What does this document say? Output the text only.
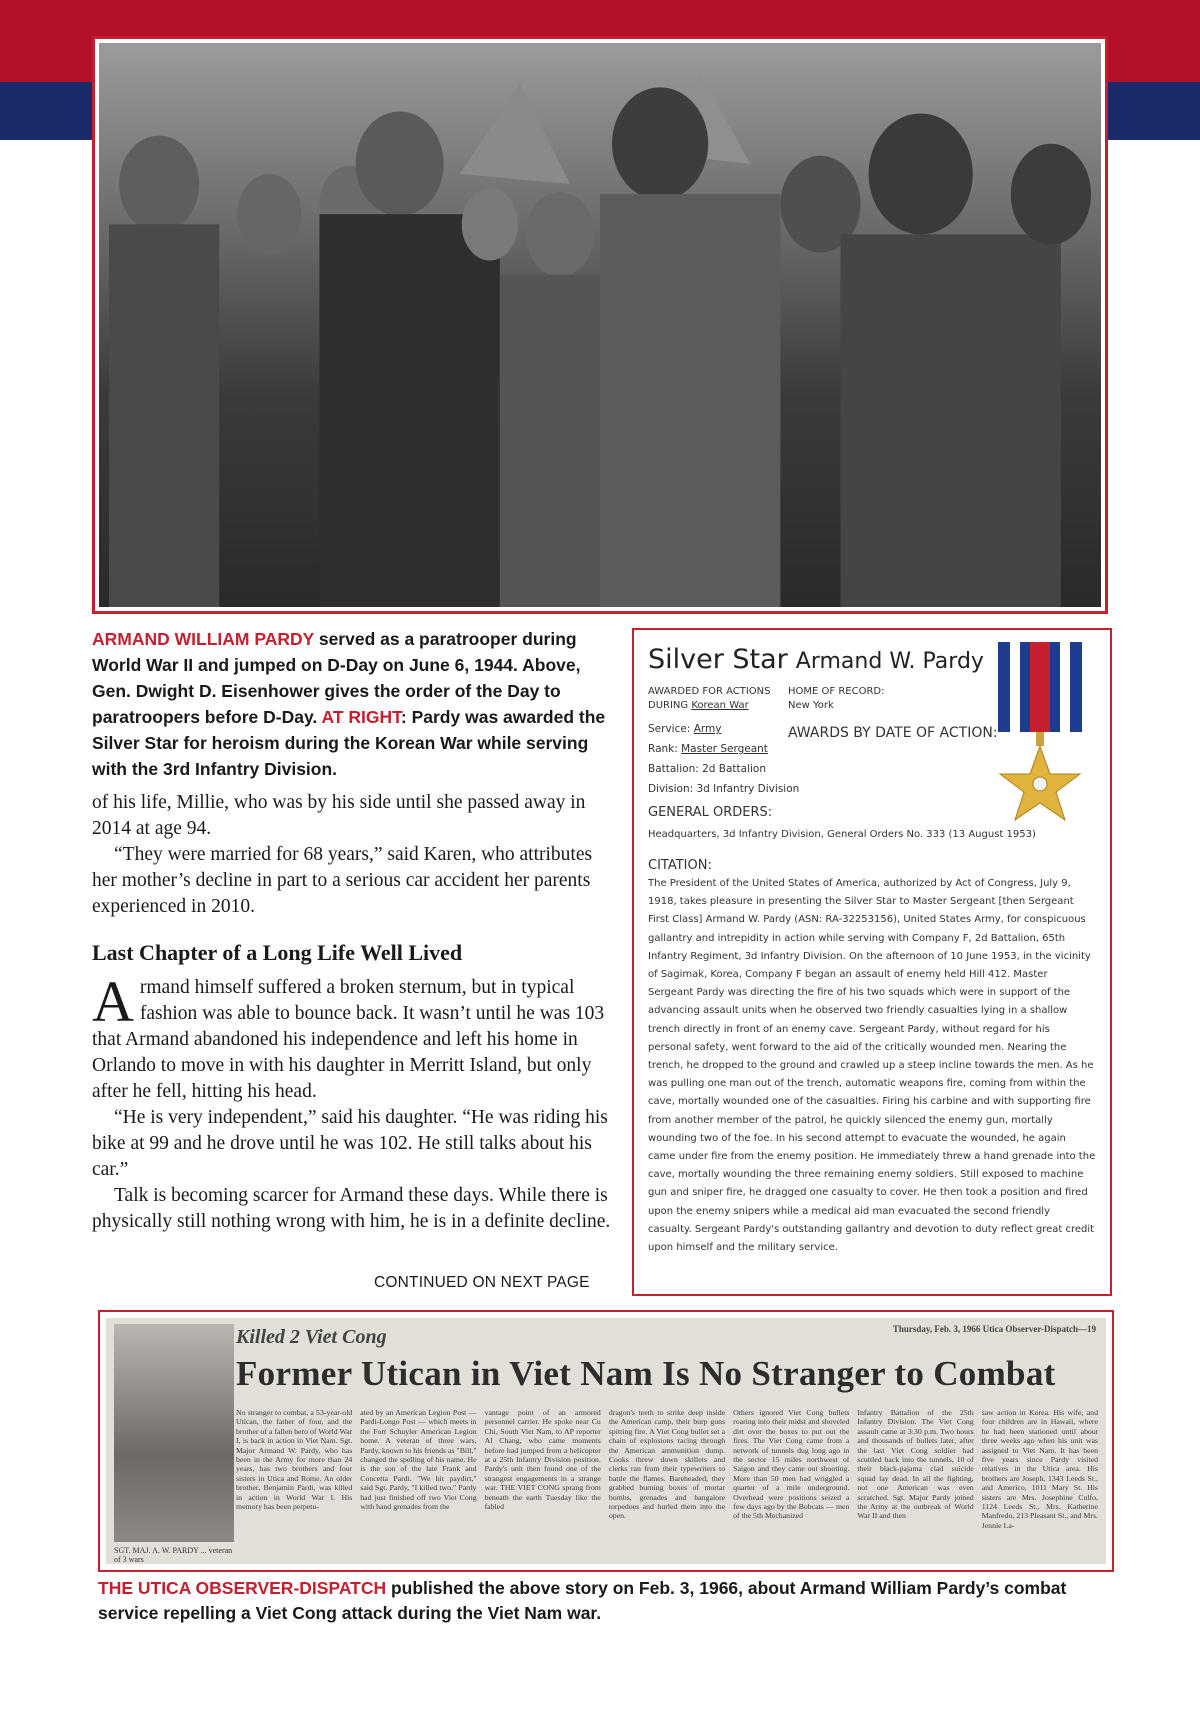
ARMAND WILLIAM PARDY served as a paratrooper during World War II and jumped on D-Day on June 6, 1944. Above, Gen. Dwight D. Eisenhower gives the order of the Day to paratroopers before D-Day. AT RIGHT: Pardy was awarded the Silver Star for heroism during the Korean War while serving with the 3rd Infantry Division.

of his life, Millie, who was by his side until she passed away in 2014 at age 94.

“They were married for 68 years,” said Karen, who attributes her mother’s decline in part to a serious car accident her parents experienced in 2010.

Last Chapter of a Long Life Well Lived

Armand himself suffered a broken sternum, but in typical fashion was able to bounce back. It wasn’t until he was 103 that Armand abandoned his independence and left his home in Orlando to move in with his daughter in Merritt Island, but only after he fell, hitting his head.

“He is very independent,” said his daughter. “He was riding his bike at 99 and he drove until he was 102. He still talks about his car.”

Talk is becoming scarcer for Armand these days. While there is physically still nothing wrong with him, he is in a definite decline.

CONTINUED ON NEXT PAGE
Silver Star Armand W. Pardy
AWARDED FOR ACTIONS
DURING Korean War
HOME OF RECORD:
New York
Service: Army
Rank: Master Sergeant
AWARDS BY DATE OF ACTION:
Battalion: 2d Battalion
Division: 3d Infantry Division
GENERAL ORDERS:
Headquarters, 3d Infantry Division, General Orders No. 333 (13 August 1953)
CITATION:
The President of the United States of America, authorized by Act of Congress, July 9, 1918, takes pleasure in presenting the Silver Star to Master Sergeant [then Sergeant First Class] Armand W. Pardy (ASN: RA-32253156), United States Army, for conspicuous gallantry and intrepidity in action while serving with Company F, 2d Battalion, 65th Infantry Regiment, 3d Infantry Division. On the afternoon of 10 June 1953, in the vicinity of Sagimak, Korea, Company F began an assault of enemy held Hill 412. Master Sergeant Pardy was directing the fire of his two squads which were in support of the advancing assault units when he observed two friendly casualties lying in a shallow trench directly in front of an enemy cave. Sergeant Pardy, without regard for his personal safety, went forward to the aid of the critically wounded men. Nearing the trench, he dropped to the ground and crawled up a steep incline towards the men. As he was pulling one man out of the trench, automatic weapons fire, coming from within the cave, mortally wounded one of the casualties. Firing his carbine and with supporting fire from another member of the patrol, he quickly silenced the enemy gun, mortally wounding two of the foe. In his second attempt to evacuate the wounded, he again came under fire from the enemy position. He immediately threw a hand grenade into the cave, mortally wounding the three remaining enemy soldiers. Still exposed to machine gun and sniper fire, he dragged one casualty to cover. He then took a position and fired upon the enemy snipers while a medical aid man evacuated the second friendly casualty. Sergeant Pardy's outstanding gallantry and devotion to duty reflect great credit upon himself and the military service.
SGT. MAJ. A. W. PARDY ... veteran of 3 wars
Killed 2 Viet Cong	Thursday, Feb. 3, 1966 Utica Observer-Dispatch—19
Former Utican in Viet Nam Is No Stranger to Combat
No stranger to combat, a 53-year-old Utican, the father of four, and the brother of a fallen hero of World War I, is back in action in Viet Nam. Sgt. Major Armand W. Pardy, who has been in the Army for more than 24 years, has two brothers and four sisters in Utica and Rome. An older brother, Benjamin Pardi, was killed in action in World War I. His memory has been perpetu-
ated by an American Legion Post — Pardi-Longo Post — which meets in the Fort Schuyler American Legion home. A veteran of three wars, Pardy, known to his friends as "Bill," changed the spelling of his name. He is the son of the late Frank and Concetta Pardi. "We hit paydirt," said Sgt. Pardy, "I killed two." Pardy had just finished off two Viet Cong with hand grenades from the
vantage point of an armored personnel carrier. He spoke near Cu Chi, South Viet Nam, to AP reporter Al Chang, who came moments before had jumped from a helicopter at a 25th Infantry Division position. Pardy's unit then found one of the strangest engagements in a strange war. THE VIET CONG sprang from beneath the earth Tuesday like the fabled
dragon's teeth to strike deep inside the American camp, their burp guns spitting fire. A Viet Cong bullet set a chain of explosions racing through the American ammunition dump. Cooks threw down skillets and clerks ran from their typewriters to battle the flames. Bareheaded, they grabbed burning boxes of mortar bombs, grenades and bangalore torpedoes and hurled them into the open.
Others ignored Viet Cong bullets roaring into their midst and shoveled dirt over the boxes to put out the fires. The Viet Cong came from a network of tunnels dug long ago in the sector 15 miles northwest of Saigon and they came out shooting. More than 50 men had wriggled a quarter of a mile underground. Overhead were positions seized a few days ago by the Bobcats — men of the 5th Mechanized
Infantry Battalion of the 25th Infantry Division. The Viet Cong assault came at 3:30 p.m. Two hours and thousands of bullets later, after the last Viet Cong soldier had scuttled back into the tunnels, 10 of their black-pajama clad suicide squad lay dead. In all the fighting, not one American was even scratched. Sgt. Major Pardy joined the Army at the outbreak of World War II and then
saw action in Korea. His wife, and four children are in Hawaii, where he had been stationed until about three weeks ago when his unit was assigned to Viet Nam. It has been five years since Pardy visited relatives in the Utica area. His brothers are Joseph, 1343 Leeds St., and Americo, 1011 Mary St. His sisters are Mrs. Josephine Culfo, 1124 Leeds St., Mrs. Katherine Manfredo, 213 Pleasant St., and Mrs. Jennie La-
THE UTICA OBSERVER-DISPATCH published the above story on Feb. 3, 1966, about Armand William Pardy’s combat service repelling a Viet Cong attack during the Viet Nam war.
